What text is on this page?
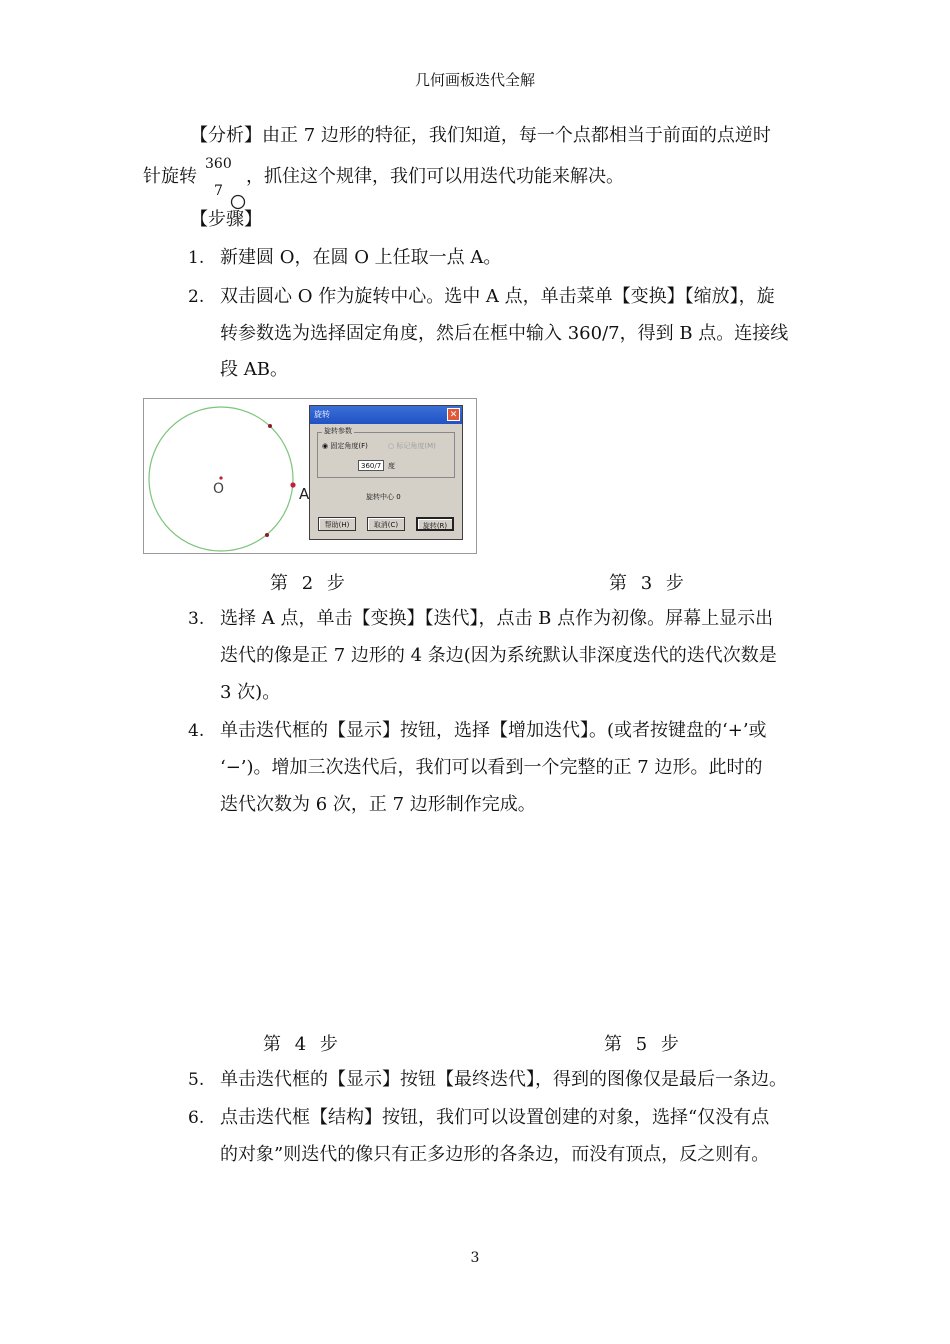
几何画板迭代全解
【分析】由正 7 边形的特征，我们知道，每一个点都相当于前面的点逆时
针旋转
360
7
，抓住这个规律，我们可以用迭代功能来解决。
【步骤】
1. 新建圆 O，在圆 O 上任取一点 A。
2. 双击圆心 O 作为旋转中心。选中 A 点，单击菜单【变换】【缩放】，旋
转参数选为选择固定角度，然后在框中输入 360/7，得到 B 点。连接线
段 AB。
O	A
旋转	✕
旋转参数
◉ 固定角度(F)	○ 标记角度(M)
360/7 度
旋转中心 0
帮助(H)	取消(C)	旋转(R)
第 2 步	第 3 步
3. 选择 A 点，单击【变换】【迭代】，点击 B 点作为初像。屏幕上显示出
迭代的像是正 7 边形的 4 条边(因为系统默认非深度迭代的迭代次数是
3 次)。
4. 单击迭代框的【显示】按钮，选择【增加迭代】。(或者按键盘的‘+’或
‘−’)。增加三次迭代后，我们可以看到一个完整的正 7 边形。此时的
迭代次数为 6 次，正 7 边形制作完成。
第 4 步	第 5 步
5. 单击迭代框的【显示】按钮【最终迭代】，得到的图像仅是最后一条边。
6. 点击迭代框【结构】按钮，我们可以设置创建的对象，选择“仅没有点
的对象”则迭代的像只有正多边形的各条边，而没有顶点，反之则有。
3
